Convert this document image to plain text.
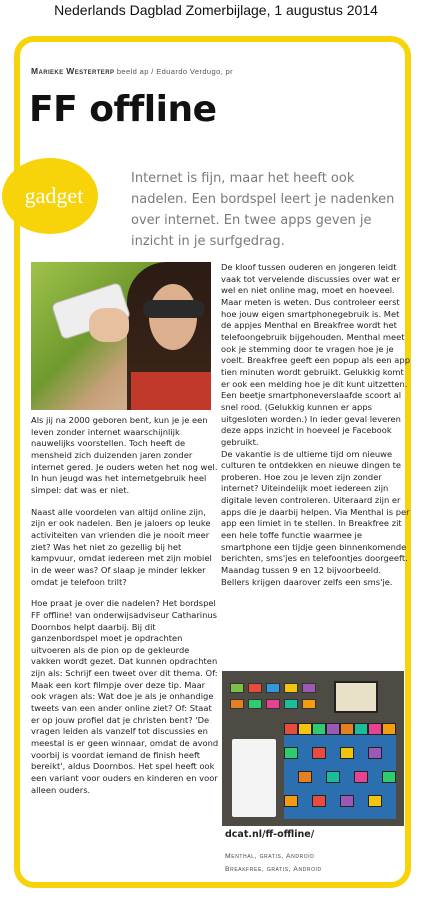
Nederlands Dagblad Zomerbijlage, 1 augustus 2014
Marieke Westerterp beeld ap / Eduardo Verdugo, pr
FF offline
gadget
Internet is fijn, maar het heeft ook nadelen. Een bordspel leert je nadenken over internet. En twee apps geven je inzicht in je surfgedrag.

Als jij na 2000 geboren bent, kun je je een leven zonder internet waarschijnlijk nauwelijks voorstellen. Toch heeft de mensheid zich duizenden jaren zonder internet gered. Je ouders weten het nog wel. In hun jeugd was het internetgebruik heel simpel: dat was er niet.

Naast alle voordelen van altijd online zijn, zijn er ook nadelen. Ben je jaloers op leuke activiteiten van vrienden die je nooit meer ziet? Was het niet zo gezellig bij het kampvuur, omdat iedereen met zijn mobiel in de weer was? Of slaap je minder lekker omdat je telefoon trilt?

Hoe praat je over die nadelen? Het bordspel FF offline! van onderwijsadviseur Catharinus Doornbos helpt daarbij. Bij dit ganzenbordspel moet je opdrachten uitvoeren als de pion op de gekleurde vakken wordt gezet. Dat kunnen opdrachten zijn als: Schrijf een tweet over dit thema. Of: Maak een kort filmpje over deze tip. Maar ook vragen als: Wat doe je als je onhandige tweets van een ander online ziet? Of: Staat er op jouw profiel dat je christen bent? 'De vragen leiden als vanzelf tot discussies en meestal is er geen winnaar, omdat de avond voorbij is voordat iemand de finish heeft bereikt', aldus Doornbos. Het spel heeft ook een variant voor ouders en kinderen en voor alleen ouders.

De kloof tussen ouderen en jongeren leidt vaak tot vervelende discussies over wat er wel en niet online mag, moet en hoeveel. Maar meten is weten. Dus controleer eerst hoe jouw eigen smartphonegebruik is. Met de appjes Menthal en Breakfree wordt het telefoongebruik bijgehouden. Menthal meet ook je stemming door te vragen hoe je je voelt. Breakfree geeft een popup als een app tien minuten wordt gebruikt. Gelukkig komt er ook een melding hoe je dit kunt uitzetten. Een beetje smartphoneverslaafde scoort al snel rood. (Gelukkig kunnen er apps uitgesloten worden.) In ieder geval leveren deze apps inzicht in hoeveel je Facebook gebruikt.

De vakantie is de ultieme tijd om nieuwe culturen te ontdekken en nieuwe dingen te proberen. Hoe zou je leven zijn zonder internet? Uiteindelijk moet iedereen zijn digitale leven controleren. Uiteraard zijn er apps die je daarbij helpen. Via Menthal is per app een limiet in te stellen. In Breakfree zit een hele toffe functie waarmee je smartphone een tijdje geen binnenkomende berichten, sms'jes en telefoontjes doorgeeft. Maandag tussen 9 en 12 bijvoorbeeld. Bellers krijgen daarover zelfs een sms'je.

dcat.nl/ff-offline/
Menthal, gratis, Android
Breakfree, gratis, Android
